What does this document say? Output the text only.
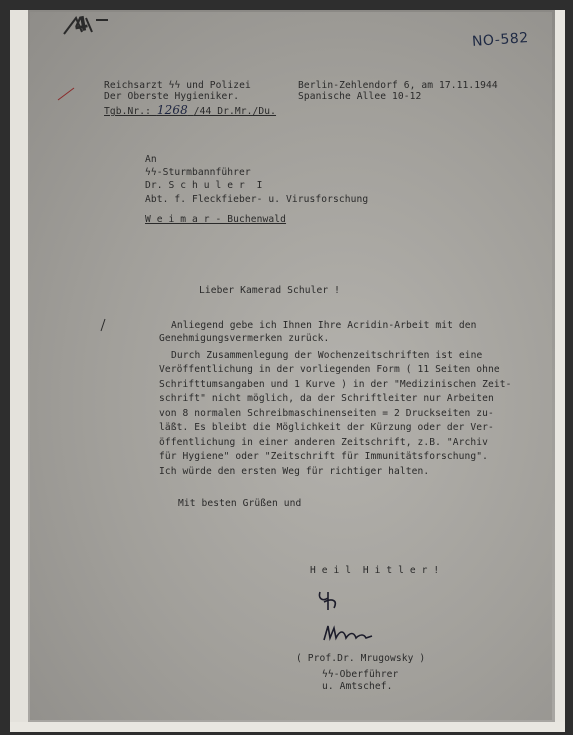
4
NO-582
Reichsarzt ϟϟ und Polizei
Der Oberste Hygieniker.
Tgb.Nr.: 1268 /44 Dr.Mr./Du.
Berlin-Zehlendorf 6, am 17.11.1944
Spanische Allee 10-12
An
ϟϟ-Sturmbannführer
Dr. S c h u l e r  I
Abt. f. Fleckfieber- u. Virusforschung
W e i m a r - Buchenwald
Lieber Kamerad Schuler !
Anliegend gebe ich Ihnen Ihre Acridin-Arbeit mit den
Genehmigungsvermerken zurück.
Durch Zusammenlegung der Wochenzeitschriften ist eine
Veröffentlichung in der vorliegenden Form ( 11 Seiten ohne
Schrifttumsangaben und 1 Kurve ) in der "Medizinischen Zeit-
schrift" nicht möglich, da der Schriftleiter nur Arbeiten
von 8 normalen Schreibmaschinenseiten = 2 Druckseiten zu-
läßt. Es bleibt die Möglichkeit der Kürzung oder der Ver-
öffentlichung in einer anderen Zeitschrift, z.B. "Archiv
für Hygiene" oder "Zeitschrift für Immunitätsforschung".
Ich würde den ersten Weg für richtiger halten.
Mit besten Grüßen und
H e i l  H i t l e r !
( Prof.Dr. Mrugowsky )
ϟϟ-Oberführer
u. Amtschef.
